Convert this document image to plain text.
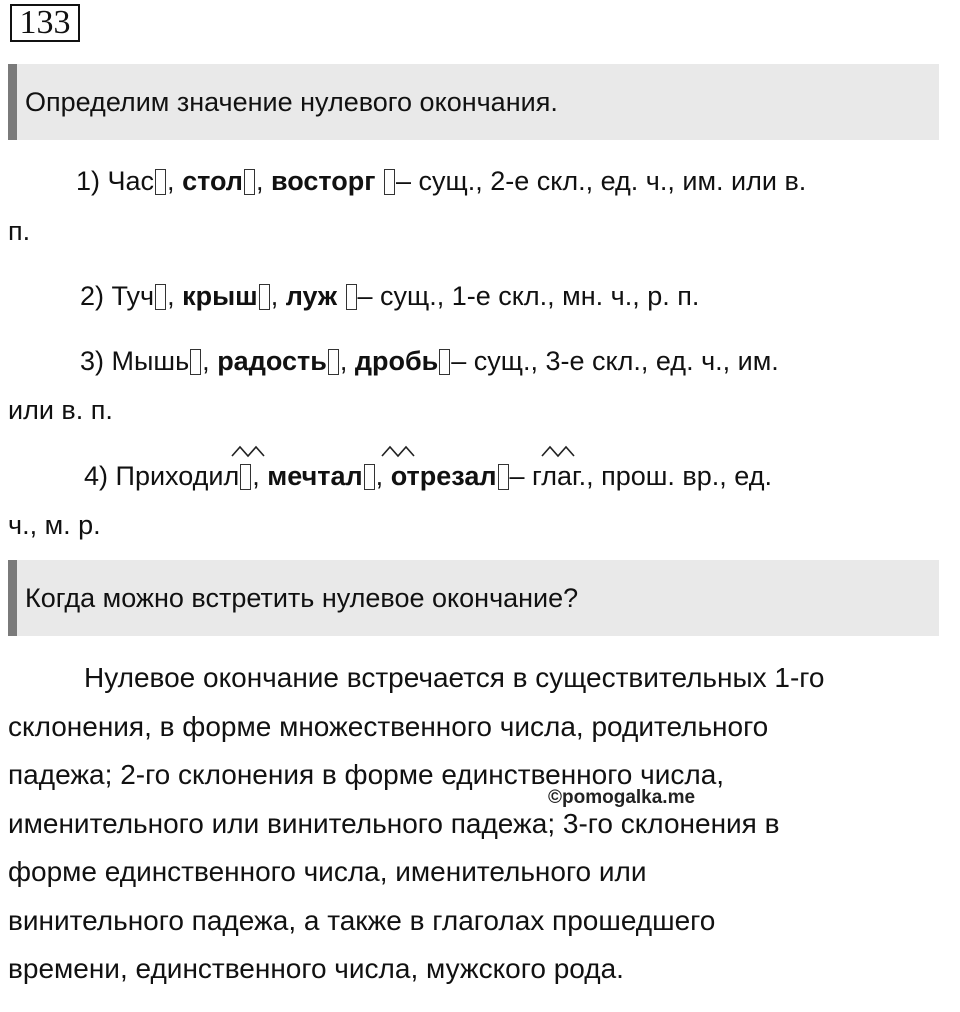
133
Определим значение нулевого окончания.
1) Час , стол , восторг – сущ., 2-е скл., ед. ч., им. или в.
п.
2) Туч , крыш , луж – сущ., 1-е скл., мн. ч., р. п.
3) Мышь , радость , дробь – сущ., 3-е скл., ед. ч., им.
или в. п.
4) Приходил , мечтал , отрезал – глаг., прош. вр., ед.
ч., м. р.
Когда можно встретить нулевое окончание?
Нулевое окончание встречается в существительных 1-го
склонения, в форме множественного числа, родительного
падежа; 2-го склонения в форме единственного числа,
именительного или винительного падежа; 3-го склонения в
форме единственного числа, именительного или
винительного падежа, а также в глаголах прошедшего
времени, единственного числа, мужского рода.
©pomogalka.me
